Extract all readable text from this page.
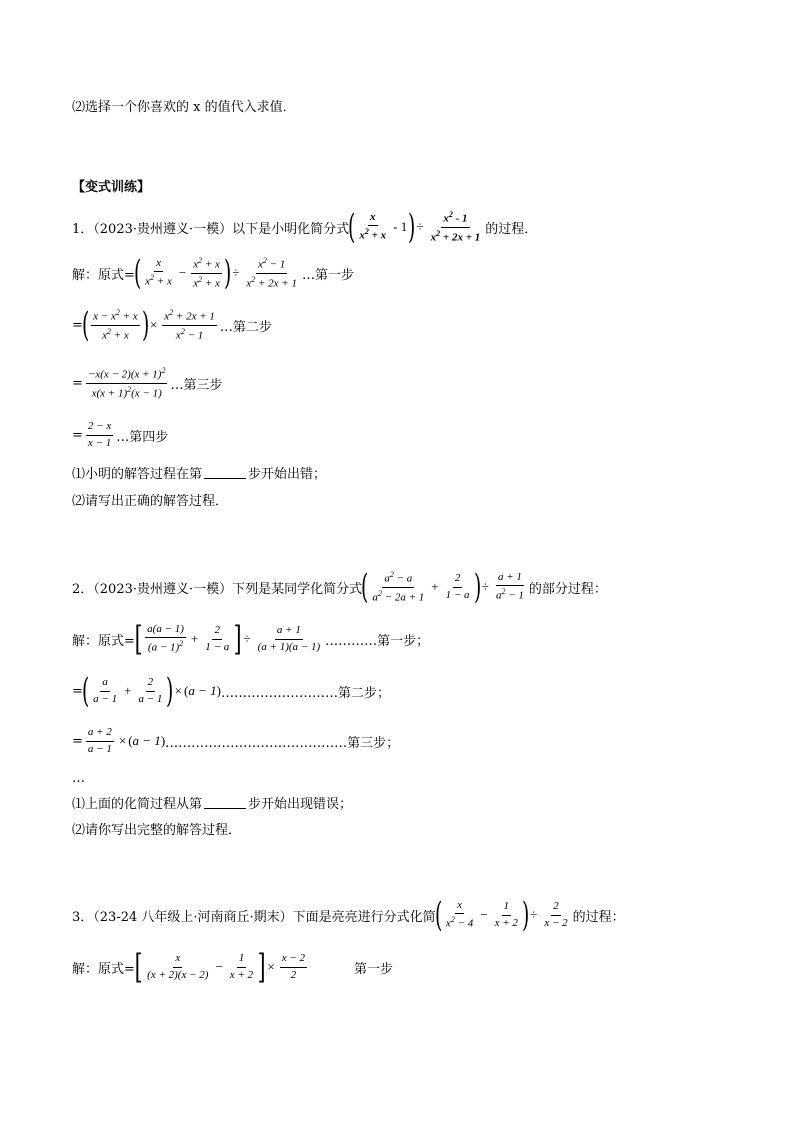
⑵选择一个你喜欢的 x 的值代入求值．
【变式训练】
1．（2023·贵州遵义·一模）以下是小明化简分式
( $\frac{x}{x^2 + x} - 1$ ) ÷ $\frac{x^2 - 1}{x^2 + 2x + 1}$ 的过程．
解：原式=
( $\frac{x}{x^2 + x} - \frac{x^2 + x}{x^2 + x}$ ) ÷ $\frac{x^2 - 1}{x^2 + 2x + 1}$ …第一步
=
( $\frac{x - x^2 + x}{x^2 + x}$ ) × $\frac{x^2 + 2x + 1}{x^2 - 1}$ …第二步
= $\frac{-x(x - 2)(x + 1)^2}{x(x + 1)^2(x - 1)}$ …第三步
= $\frac{2 - x}{x - 1}$ …第四步
⑴小明的解答过程在第	步开始出错；
⑵请写出正确的解答过程．
2．（2023·贵州遵义·一模）下列是某同学化简分式
( $\frac{a^2 - a}{a^2 - 2a + 1} + \frac{2}{1 - a}$ ) ÷ $\frac{a + 1}{a^2 - 1}$ 的部分过程：
解：原式= [ $\frac{a(a - 1)}{(a - 1)^2} + \frac{2}{1 - a}$ ] ÷ $\frac{a + 1}{(a + 1)(a - 1)}$ …………第一步；
=
( $\frac{a}{a - 1} + \frac{2}{a - 1}$ ) × ( a − 1 ) ………………………第二步；
= $\frac{a + 2}{a - 1}$ × ( a − 1 ) ……………………………………第三步；
…
⑴上面的化简过程从第	步开始出现错误；
⑵请你写出完整的解答过程．
3．（23-24 八年级上·河南商丘·期末）下面是亮亮进行分式化简
( $\frac{x}{x^2 - 4} - \frac{1}{x + 2}$ ) ÷ $\frac{2}{x - 2}$ 的过程：
解：原式= [ $\frac{x}{(x + 2)(x - 2)} - \frac{1}{x + 2}$ ] × $\frac{x - 2}{2}$	第一步
